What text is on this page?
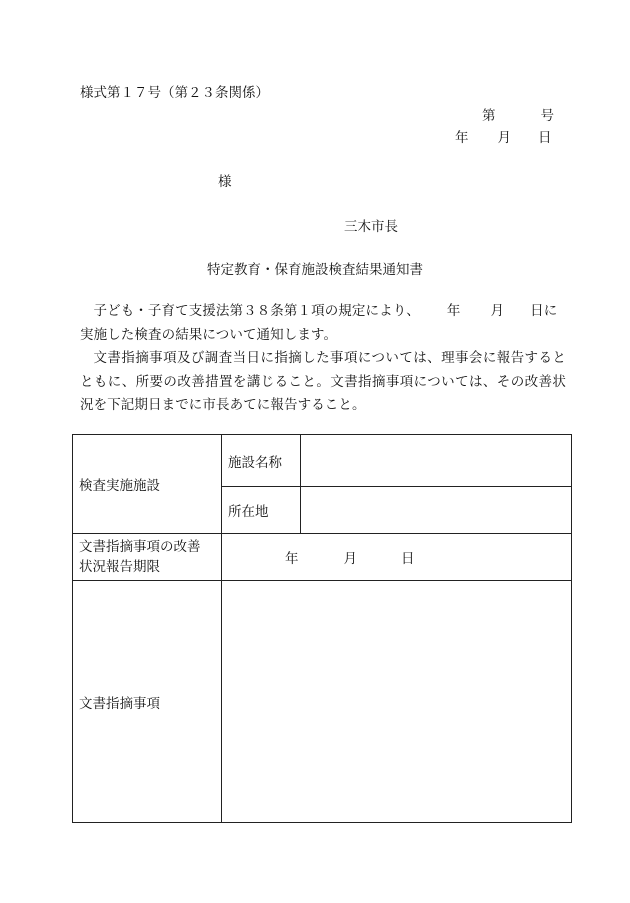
様式第１７号（第２３条関係）
第	号
年 月 日
様
三木市長
特定教育・保育施設検査結果通知書

子ども・子育て支援法第３８条第１項の規定により、 年 月 日に

実施した検査の結果について通知します。

文書指摘事項及び調査当日に指摘した事項については、理事会に報告するとともに、所要の改善措置を講じること。文書指摘事項については、その改善状況を下記期日までに市長あてに報告すること。

検査実施施設	施設名称	
	所在地	

文書指摘事項の改善
状況報告期限	年 月 日	

文書指摘事項		
